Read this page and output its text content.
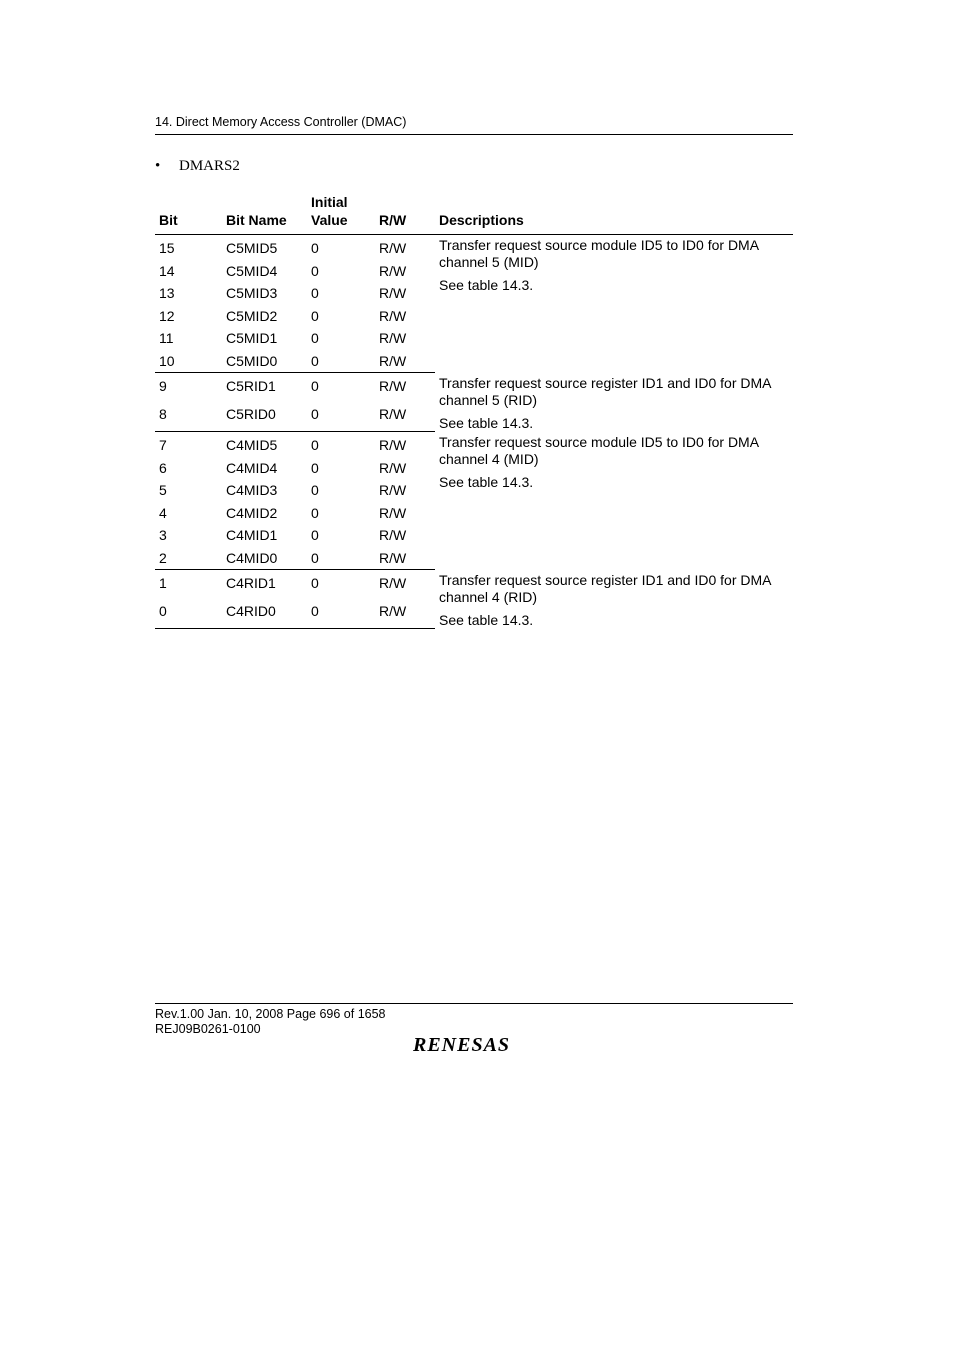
14. Direct Memory Access Controller (DMAC)
• DMARS2
Bit	Bit Name	Initial
Value	R/W	Descriptions
15	C5MID5	0	R/W	Transfer request source module ID5 to ID0 for DMA channel 5 (MID)
See table 14.3.

14	C5MID4	0	R/W	
13	C5MID3	0	R/W	
12	C5MID2	0	R/W	
11	C5MID1	0	R/W	
10	C5MID0	0	R/W	
9	C5RID1	0	R/W	Transfer request source register ID1 and ID0 for DMA channel 5 (RID)
See table 14.3.

8	C5RID0	0	R/W	
7	C4MID5	0	R/W	Transfer request source module ID5 to ID0 for DMA channel 4 (MID)
See table 14.3.

6	C4MID4	0	R/W	
5	C4MID3	0	R/W	
4	C4MID2	0	R/W	
3	C4MID1	0	R/W	
2	C4MID0	0	R/W	
1	C4RID1	0	R/W	Transfer request source register ID1 and ID0 for DMA channel 4 (RID)
See table 14.3.

0	C4RID0	0	R/W	
Rev.1.00 Jan. 10, 2008 Page 696 of 1658
REJ09B0261-0100
RENESAS
